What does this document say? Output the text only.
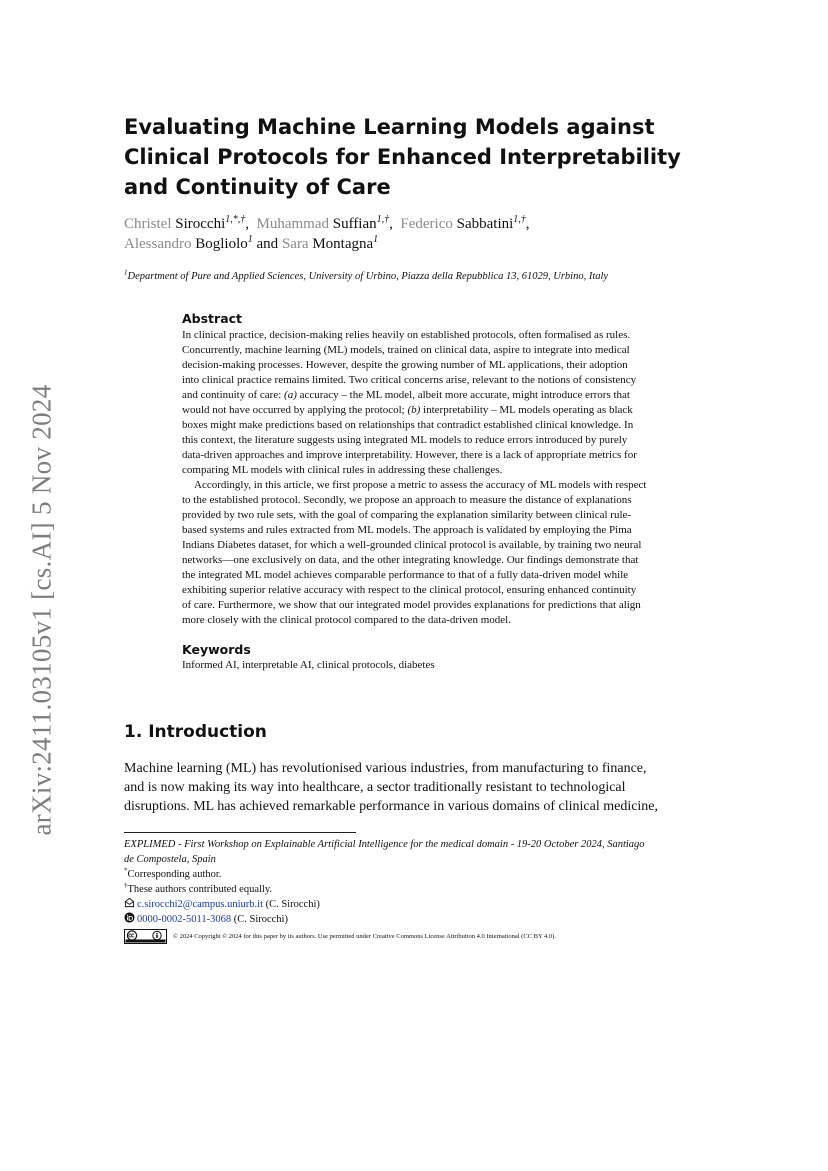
arXiv:2411.03105v1 [cs.AI] 5 Nov 2024
Evaluating Machine Learning Models against
Clinical Protocols for Enhanced Interpretability
and Continuity of Care
Christel Sirocchi$^{1,*,\dagger}$, Muhammad Suffian$^{1,\dagger}$, Federico Sabbatini$^{1,\dagger}$,
Alessandro Bogliolo$^1$ and Sara Montagna$^1$
$^1$Department of Pure and Applied Sciences, University of Urbino, Piazza della Repubblica 13, 61029, Urbino, Italy
Abstract

In clinical practice, decision-making relies heavily on established protocols, often formalised as rules.Concurrently, machine learning (ML) models, trained on clinical data, aspire to integrate into medicaldecision-making processes. However, despite the growing number of ML applications, their adoptioninto clinical practice remains limited. Two critical concerns arise, relevant to the notions of consistencyand continuity of care: (a) accuracy – the ML model, albeit more accurate, might introduce errors thatwould not have occurred by applying the protocol; (b) interpretability – ML models operating as blackboxes might make predictions based on relationships that contradict established clinical knowledge. Inthis context, the literature suggests using integrated ML models to reduce errors introduced by purelydata-driven approaches and improve interpretability. However, there is a lack of appropriate metrics forcomparing ML models with clinical rules in addressing these challenges.

Accordingly, in this article, we first propose a metric to assess the accuracy of ML models with respectto the established protocol. Secondly, we propose an approach to measure the distance of explanationsprovided by two rule sets, with the goal of comparing the explanation similarity between clinical rule-based systems and rules extracted from ML models. The approach is validated by employing the PimaIndians Diabetes dataset, for which a well-grounded clinical protocol is available, by training two neuralnetworks—one exclusively on data, and the other integrating knowledge. Our findings demonstrate thatthe integrated ML model achieves comparable performance to that of a fully data-driven model whileexhibiting superior relative accuracy with respect to the clinical protocol, ensuring enhanced continuityof care. Furthermore, we show that our integrated model provides explanations for predictions that alignmore closely with the clinical protocol compared to the data-driven model.

Keywords
Informed AI, interpretable AI, clinical protocols, diabetes
1. Introduction
Machine learning (ML) has revolutionised various industries, from manufacturing to finance,
and is now making its way into healthcare, a sector traditionally resistant to technological
disruptions. ML has achieved remarkable performance in various domains of clinical medicine,
EXPLIMED - First Workshop on Explainable Artificial Intelligence for the medical domain - 19-20 October 2024, Santiago
de Compostela, Spain
*Corresponding author.
†These authors contributed equally.
c.sirocchi2@campus.uniurb.it (C. Sirocchi)
0000-0002-5011-3068 (C. Sirocchi)
© 2024 Copyright © 2024 for this paper by its authors. Use permitted under Creative Commons License Attribution 4.0 International (CC BY 4.0).
